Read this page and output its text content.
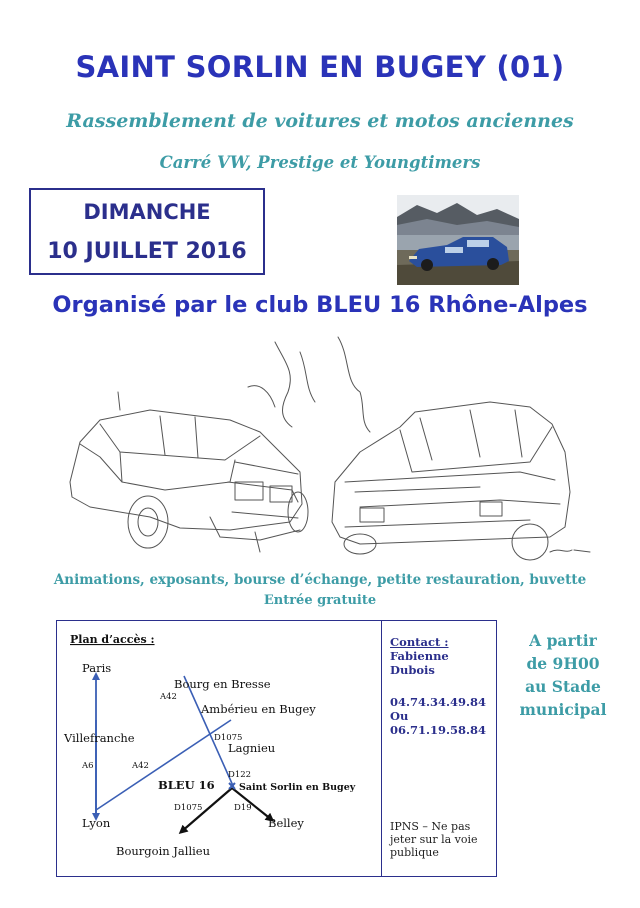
SAINT SORLIN EN BUGEY (01)
Rassemblement de voitures et motos anciennes
Carré VW, Prestige et Youngtimers
DIMANCHE
10 JUILLET 2016
Organisé par le club BLEU 16 Rhône-Alpes
Animations, exposants, bourse d’échange, petite restauration, buvette
Entrée gratuite
Plan d’accès :
Paris
Bourg en Bresse
Ambérieu en Bugey
Villefranche
Lagnieu
BLEU 16	Saint Sorlin en Bugey
Lyon	Belley
Bourgoin Jallieu
A42
A42
A6
D1075
D122
D1075	D19
Contact :
Fabienne
Dubois
04.74.34.49.84
Ou
06.71.19.58.84
IPNS – Ne pas
jeter sur la voie
publique
A partir
de 9H00
au Stade
municipal
